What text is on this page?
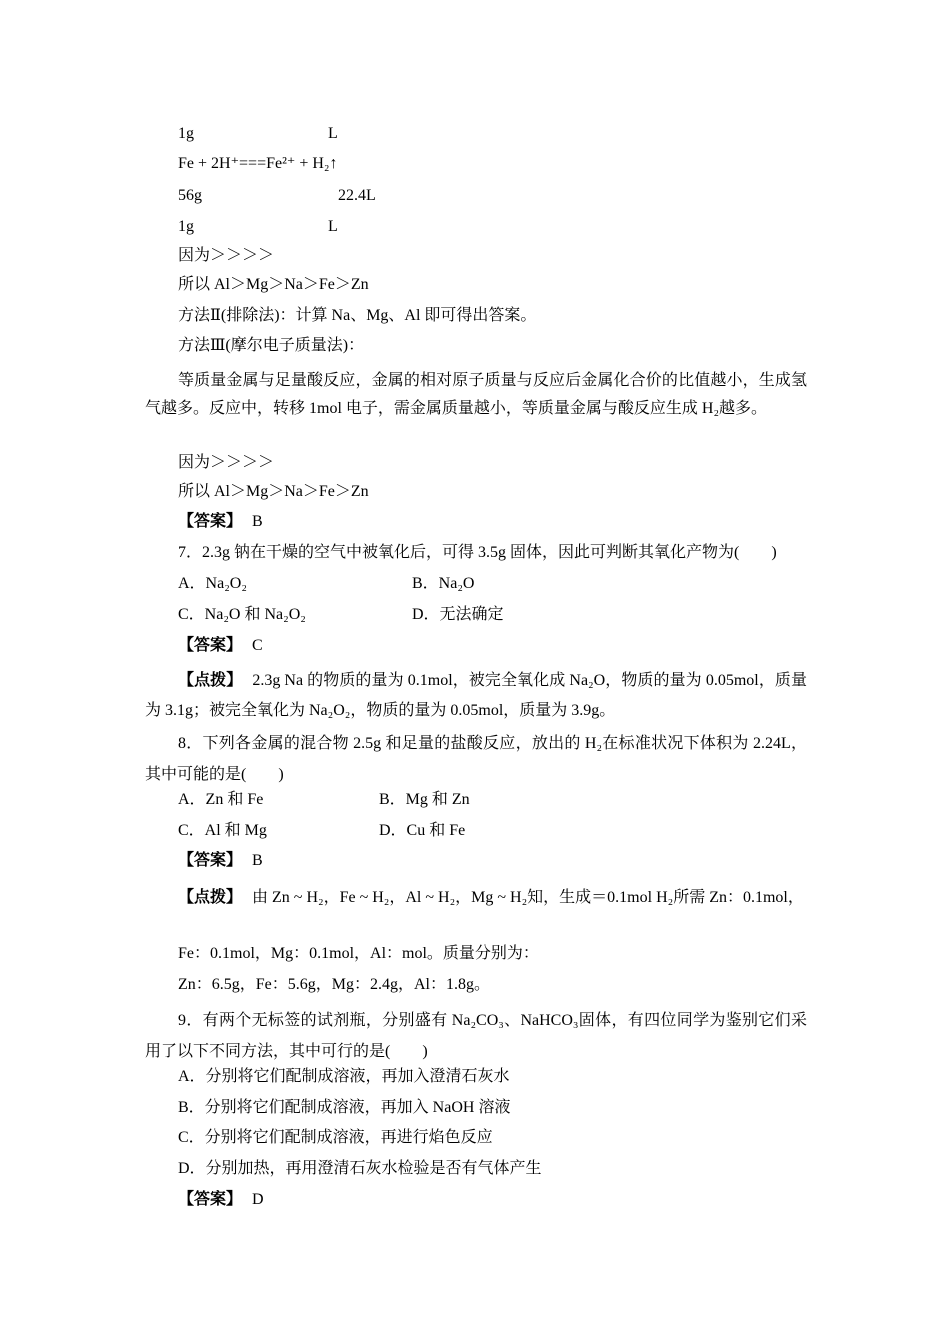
1g	L
Fe + 2H⁺===Fe²⁺ + H₂↑
56g	22.4L
1g	L
因为＞＞＞＞
所以 Al＞Mg＞Na＞Fe＞Zn
方法Ⅱ(排除法)：计算 Na、Mg、Al 即可得出答案。
方法Ⅲ(摩尔电子质量法)：
等质量金属与足量酸反应，金属的相对原子质量与反应后金属化合价的比值越小，生成氢气越多。反应中，转移 1mol 电子，需金属质量越小，等质量金属与酸反应生成 H₂越多。
因为＞＞＞＞
所以 Al＞Mg＞Na＞Fe＞Zn
【答案】 B
7．2.3g 钠在干燥的空气中被氧化后，可得 3.5g 固体，因此可判断其氧化产物为(　　)
A．Na₂O₂	B．Na₂O
C．Na₂O 和 Na₂O₂	D．无法确定
【答案】 C
【点拨】 2.3g Na 的物质的量为 0.1mol，被完全氧化成 Na₂O，物质的量为 0.05mol，质量为 3.1g；被完全氧化为 Na₂O₂，物质的量为 0.05mol，质量为 3.9g。
8．下列各金属的混合物 2.5g 和足量的盐酸反应，放出的 H₂在标准状况下体积为 2.24L，其中可能的是(　　)
A．Zn 和 Fe	B．Mg 和 Zn
C．Al 和 Mg	D．Cu 和 Fe
【答案】 B
【点拨】 由 Zn ~ H₂，Fe ~ H₂，Al ~ H₂，Mg ~ H₂知，生成＝0.1mol H₂所需 Zn：0.1mol，
Fe：0.1mol，Mg：0.1mol，Al：mol。质量分别为：
Zn：6.5g，Fe：5.6g，Mg：2.4g，Al：1.8g。
9．有两个无标签的试剂瓶，分别盛有 Na₂CO₃、NaHCO₃固体，有四位同学为鉴别它们采用了以下不同方法，其中可行的是(　　)
A．分别将它们配制成溶液，再加入澄清石灰水
B．分别将它们配制成溶液，再加入 NaOH 溶液
C．分别将它们配制成溶液，再进行焰色反应
D．分别加热，再用澄清石灰水检验是否有气体产生
【答案】 D
